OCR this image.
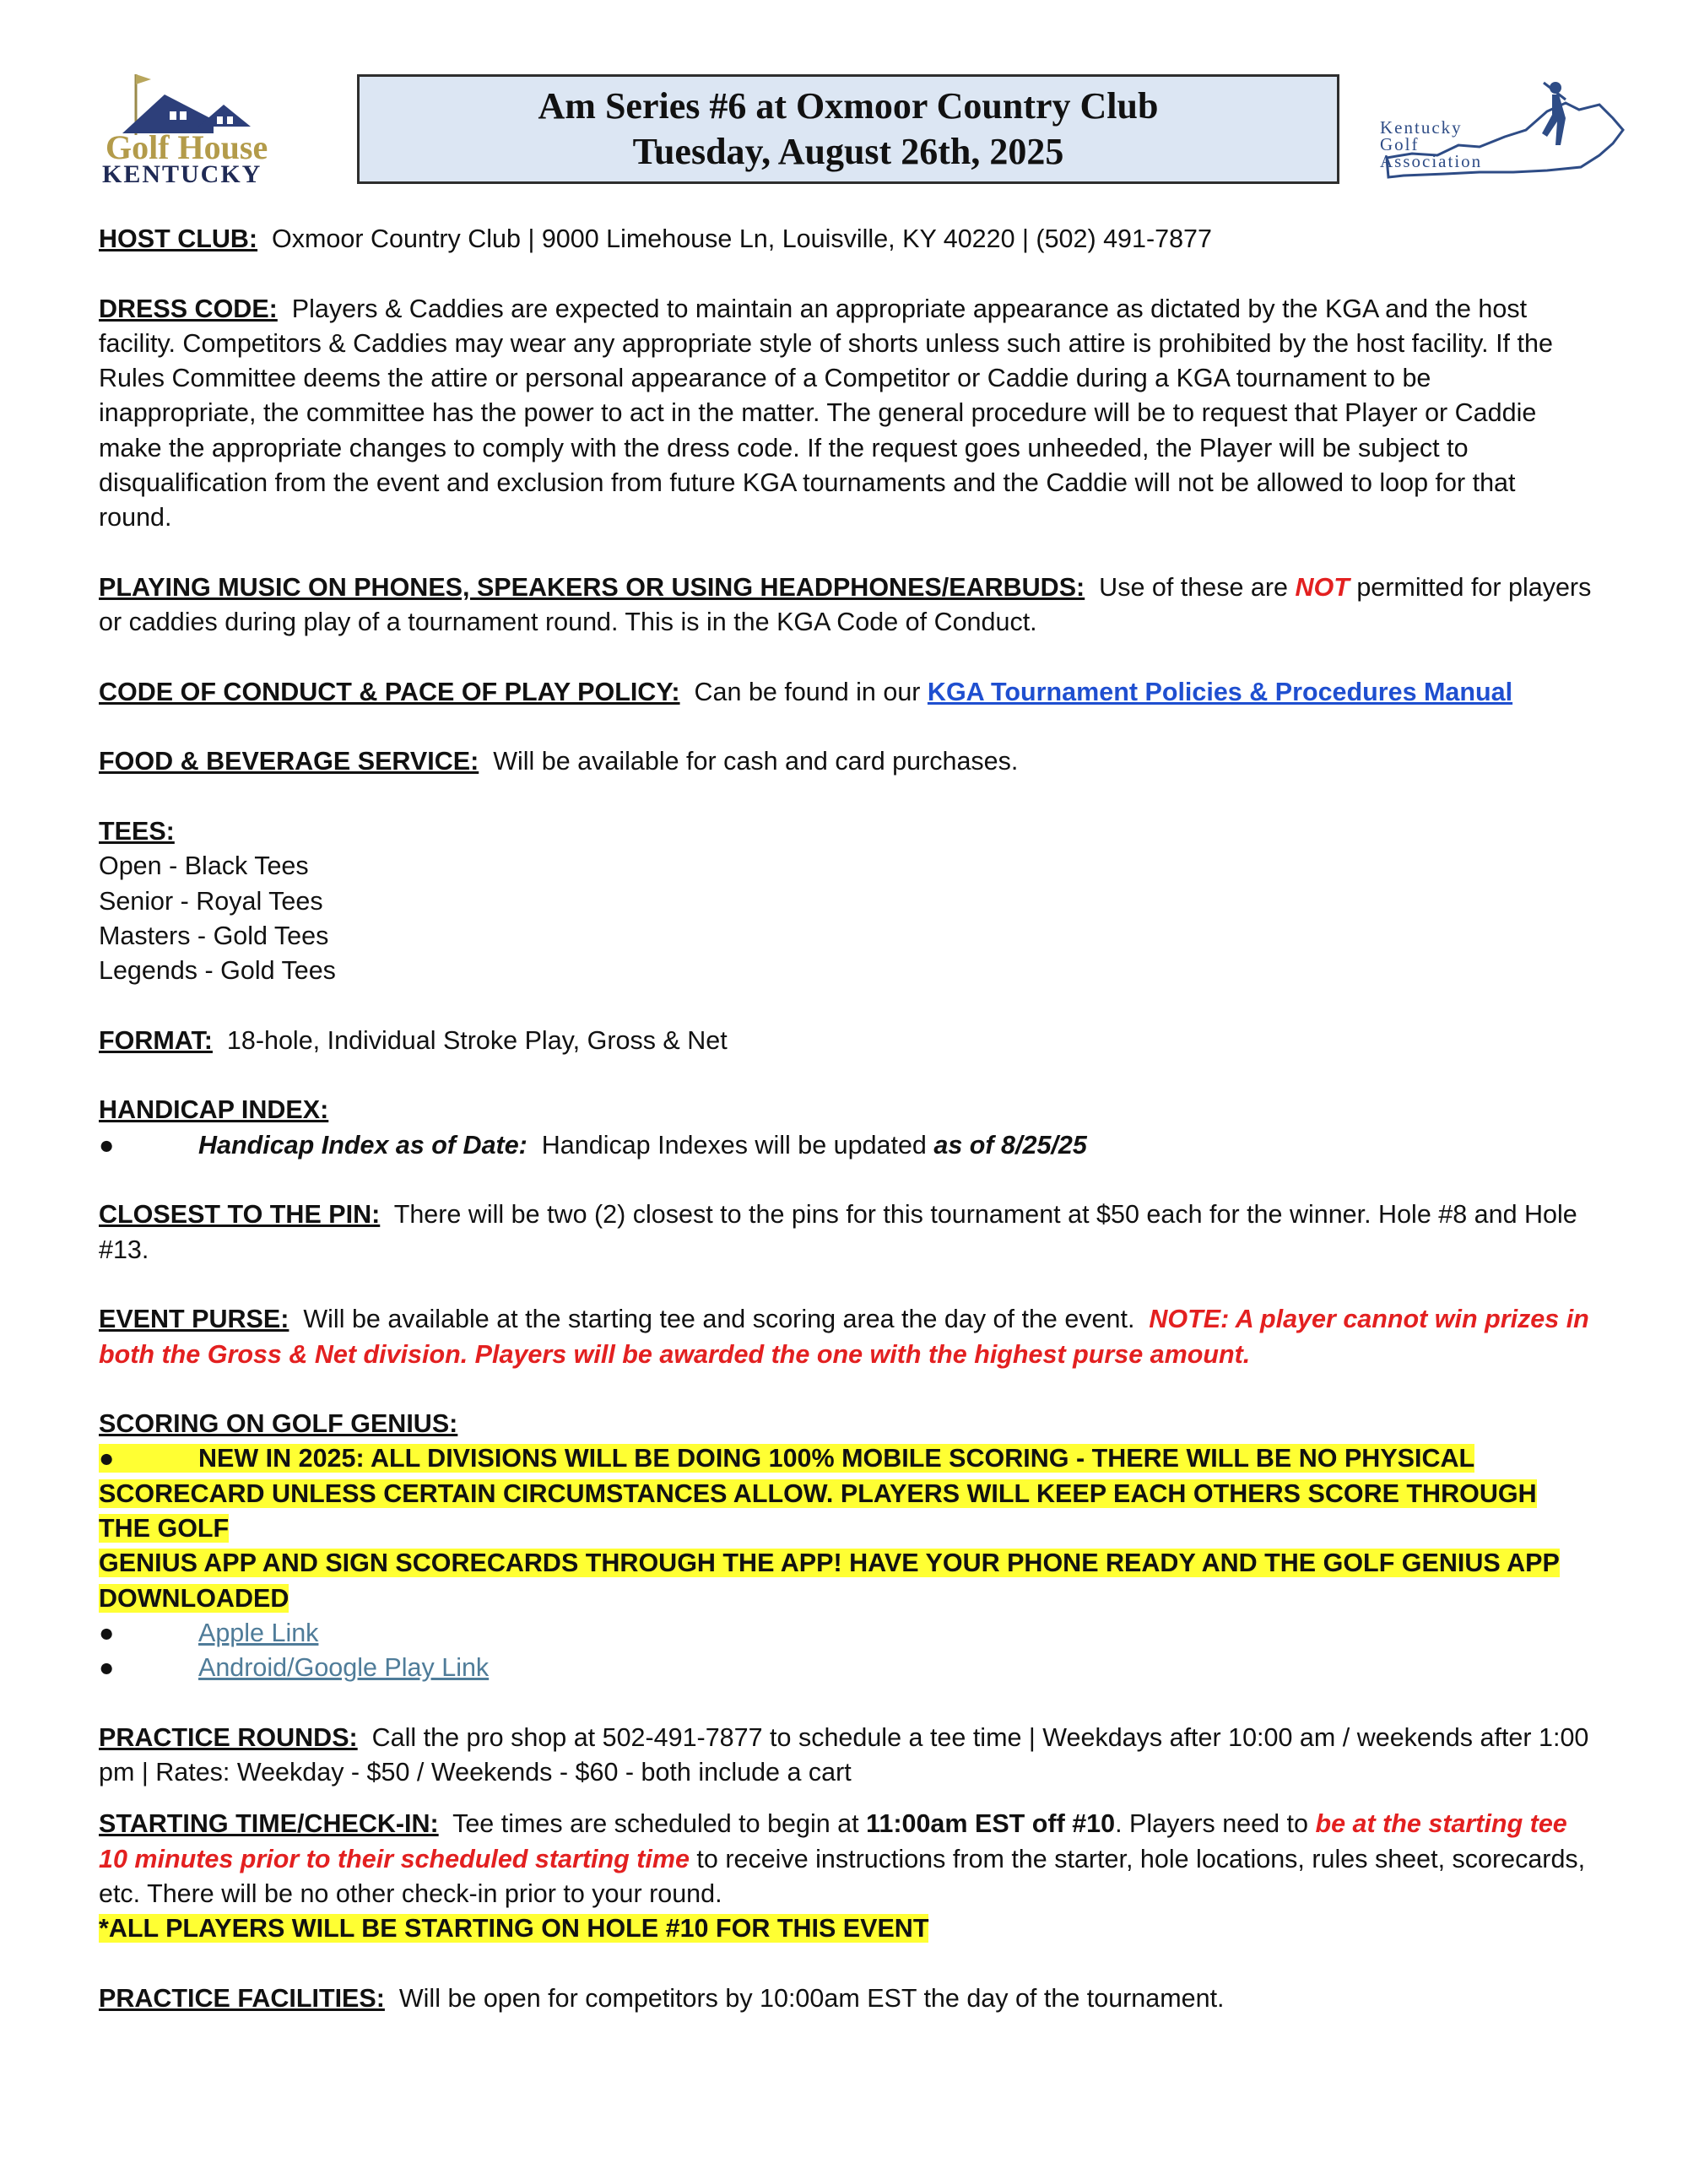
Golf House
KENTUCKY
Am Series #6 at Oxmoor Country Club
Tuesday, August 26th, 2025
Kentucky
Golf
Association
HOST CLUB: Oxmoor Country Club | 9000 Limehouse Ln, Louisville, KY 40220 | (502) 491-7877
DRESS CODE: Players & Caddies are expected to maintain an appropriate appearance as dictated by the KGA and the host facility. Competitors & Caddies may wear any appropriate style of shorts unless such attire is prohibited by the host facility. If the Rules Committee deems the attire or personal appearance of a Competitor or Caddie during a KGA tournament to be inappropriate, the committee has the power to act in the matter. The general procedure will be to request that Player or Caddie make the appropriate changes to comply with the dress code. If the request goes unheeded, the Player will be subject to disqualification from the event and exclusion from future KGA tournaments and the Caddie will not be allowed to loop for that round.
PLAYING MUSIC ON PHONES, SPEAKERS OR USING HEADPHONES/EARBUDS: Use of these are NOT permitted for players or caddies during play of a tournament round. This is in the KGA Code of Conduct.
CODE OF CONDUCT & PACE OF PLAY POLICY: Can be found in our KGA Tournament Policies & Procedures Manual
FOOD & BEVERAGE SERVICE: Will be available for cash and card purchases.
TEES:
Open - Black Tees
Senior - Royal Tees
Masters - Gold Tees
Legends - Gold Tees
FORMAT: 18-hole, Individual Stroke Play, Gross & Net
HANDICAP INDEX:
●	Handicap Index as of Date: Handicap Indexes will be updated as of 8/25/25
CLOSEST TO THE PIN: There will be two (2) closest to the pins for this tournament at $50 each for the winner. Hole #8 and Hole #13.
EVENT PURSE: Will be available at the starting tee and scoring area the day of the event. NOTE: A player cannot win prizes in both the Gross & Net division. Players will be awarded the one with the highest purse amount.
SCORING ON GOLF GENIUS:
●	NEW IN 2025: ALL DIVISIONS WILL BE DOING 100% MOBILE SCORING - THERE WILL BE NO PHYSICAL
SCORECARD UNLESS CERTAIN CIRCUMSTANCES ALLOW. PLAYERS WILL KEEP EACH OTHERS SCORE THROUGH THE GOLF
GENIUS APP AND SIGN SCORECARDS THROUGH THE APP! HAVE YOUR PHONE READY AND THE GOLF GENIUS APP
DOWNLOADED
●	Apple Link
●	Android/Google Play Link
PRACTICE ROUNDS: Call the pro shop at 502-491-7877 to schedule a tee time | Weekdays after 10:00 am / weekends after 1:00 pm | Rates: Weekday - $50 / Weekends - $60 - both include a cart
STARTING TIME/CHECK-IN: Tee times are scheduled to begin at 11:00am EST off #10. Players need to be at the starting tee 10 minutes prior to their scheduled starting time to receive instructions from the starter, hole locations, rules sheet, scorecards, etc. There will be no other check-in prior to your round.
*ALL PLAYERS WILL BE STARTING ON HOLE #10 FOR THIS EVENT
PRACTICE FACILITIES: Will be open for competitors by 10:00am EST the day of the tournament.
